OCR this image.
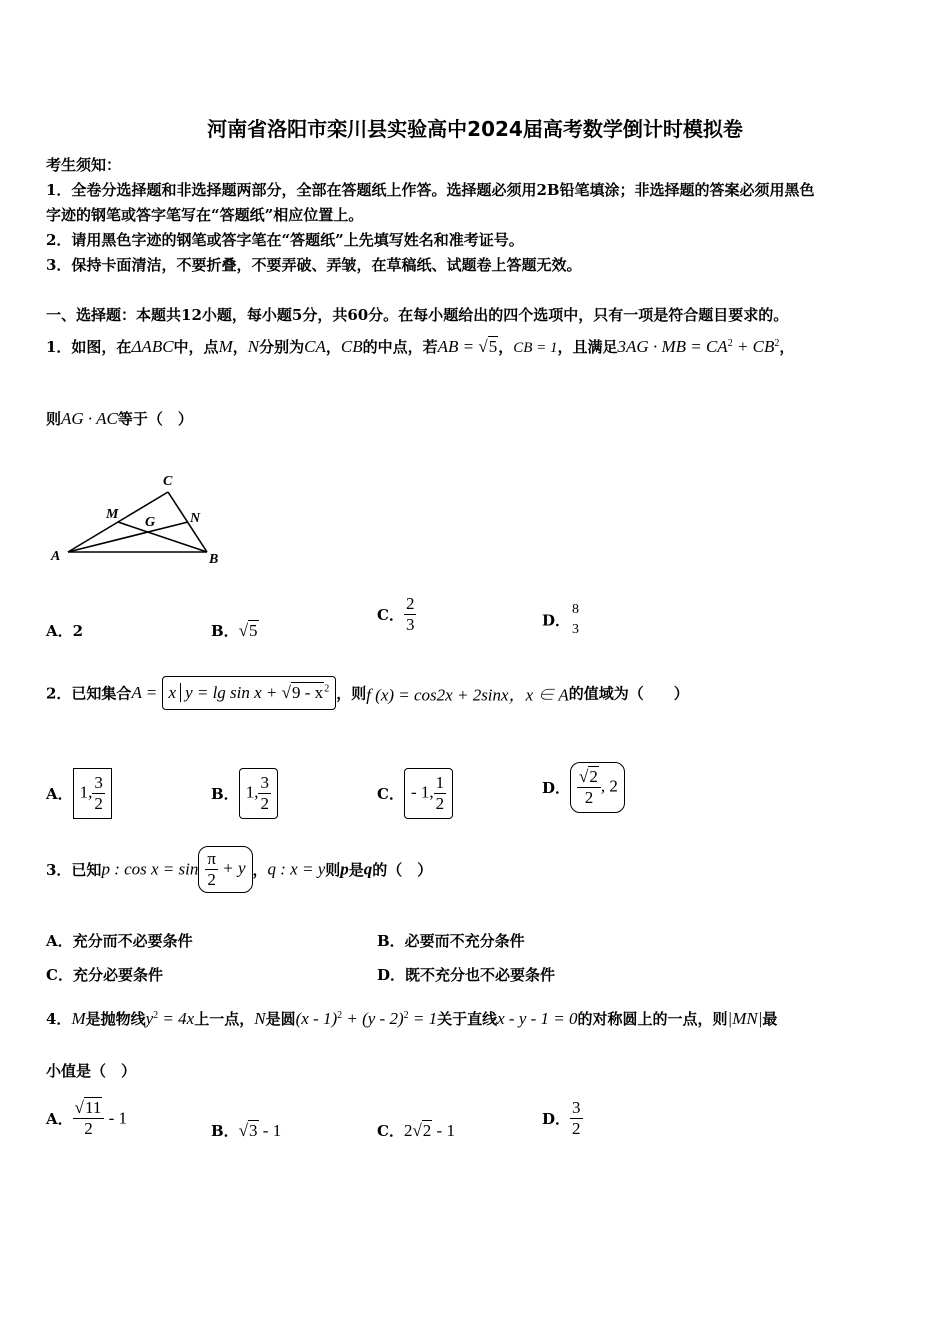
河南省洛阳市栾川县实验高中2024届高考数学倒计时模拟卷
考生须知：
1．全卷分选择题和非选择题两部分，全部在答题纸上作答。选择题必须用2B铅笔填涂；非选择题的答案必须用黑色
字迹的钢笔或答字笔写在“答题纸”相应位置上。
2．请用黑色字迹的钢笔或答字笔在“答题纸”上先填写姓名和准考证号。
3．保持卡面清洁，不要折叠，不要弄破、弄皱，在草稿纸、试题卷上答题无效。
一、选择题：本题共12小题，每小题5分，共60分。在每小题给出的四个选项中，只有一项是符合题目要求的。
1．如图，在ΔABC中，点M，N分别为CA，CB的中点，若AB = √5，CB = 1，且满足3AG · MB = $CA^2 + CB^2$，
则AG · AC等于（　）
A	B
C
M	N
G
A．2	B．√5
C． $\frac{2}{3}$	D．
8
3
2．已知集合A = x $y = \lg \sin x + √9 - x^2$ ，则f (x) = cos2x + 2sinx，x ∈ A的值域为（　　）
A． 1, $\frac{3}{2}$	B． 1, $\frac{3}{2}$	C． - 1, $\frac{1}{2}$	D． $\frac{√2}{2}$ , 2
3．已知p : $\cos x = \sin \frac{\pi}{2} + y$ ，q : x = y则p是q的（　）
A．充分而不必要条件	B．必要而不充分条件
C．充分必要条件	D．既不充分也不必要条件
4．M是抛物线$y^2 = 4x$上一点，N是圆(x - 1)$^2$ + (y - 2)$^2$ = 1关于直线x - y - 1 = 0的对称圆上的一点，则|MN|最
小值是（　）
A． $\frac{√11}{2} - 1$
B．√3 - 1	C．2√2 - 1
D． $\frac{3}{2}$
